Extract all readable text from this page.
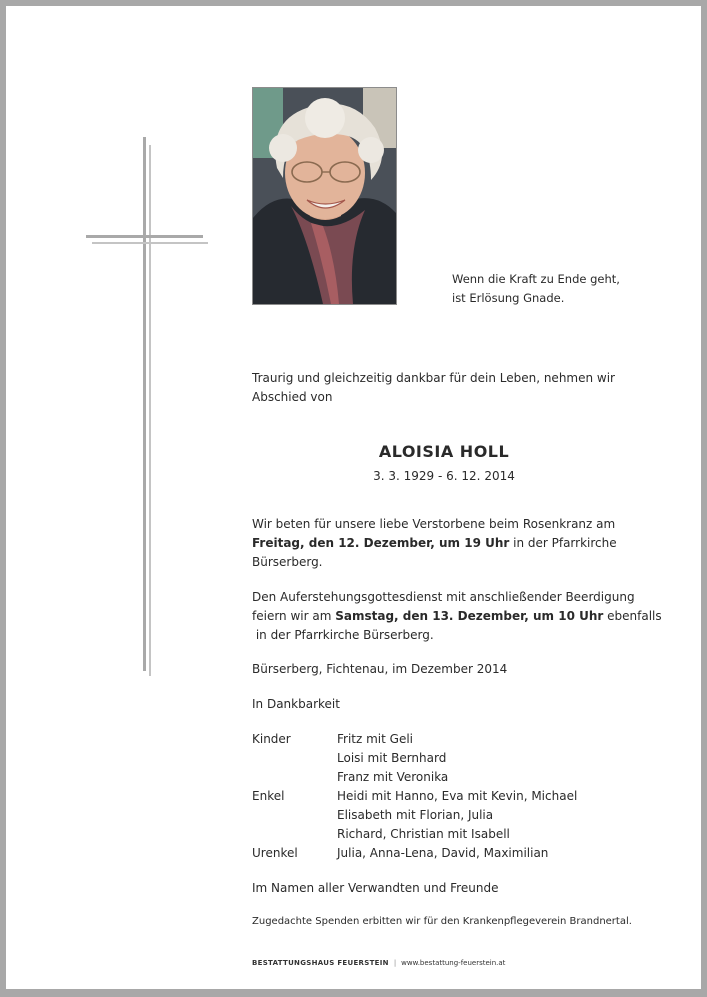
Wenn die Kraft zu Ende geht,
ist Erlösung Gnade.
Traurig und gleichzeitig dankbar für dein Leben, nehmen wir
Abschied von
ALOISIA HOLL
3. 3. 1929 - 6. 12. 2014
Wir beten für unsere liebe Verstorbene beim Rosenkranz am
Freitag, den 12. Dezember, um 19 Uhr in der Pfarrkirche
Bürserberg.
Den Auferstehungsgottesdienst mit anschließender Beerdigung
feiern wir am Samstag, den 13. Dezember, um 10 Uhr ebenfalls
in der Pfarrkirche Bürserberg.
Bürserberg, Fichtenau, im Dezember 2014
In Dankbarkeit
Kinder	Fritz mit Geli
Loisi mit Bernhard
Franz mit Veronika
Enkel	Heidi mit Hanno, Eva mit Kevin, Michael
Elisabeth mit Florian, Julia
Richard, Christian mit Isabell
Urenkel	Julia, Anna-Lena, David, Maximilian
Im Namen aller Verwandten und Freunde
Zugedachte Spenden erbitten wir für den Krankenpflegeverein Brandnertal.
BESTATTUNGSHAUS FEUERSTEIN | www.bestattung-feuerstein.at
